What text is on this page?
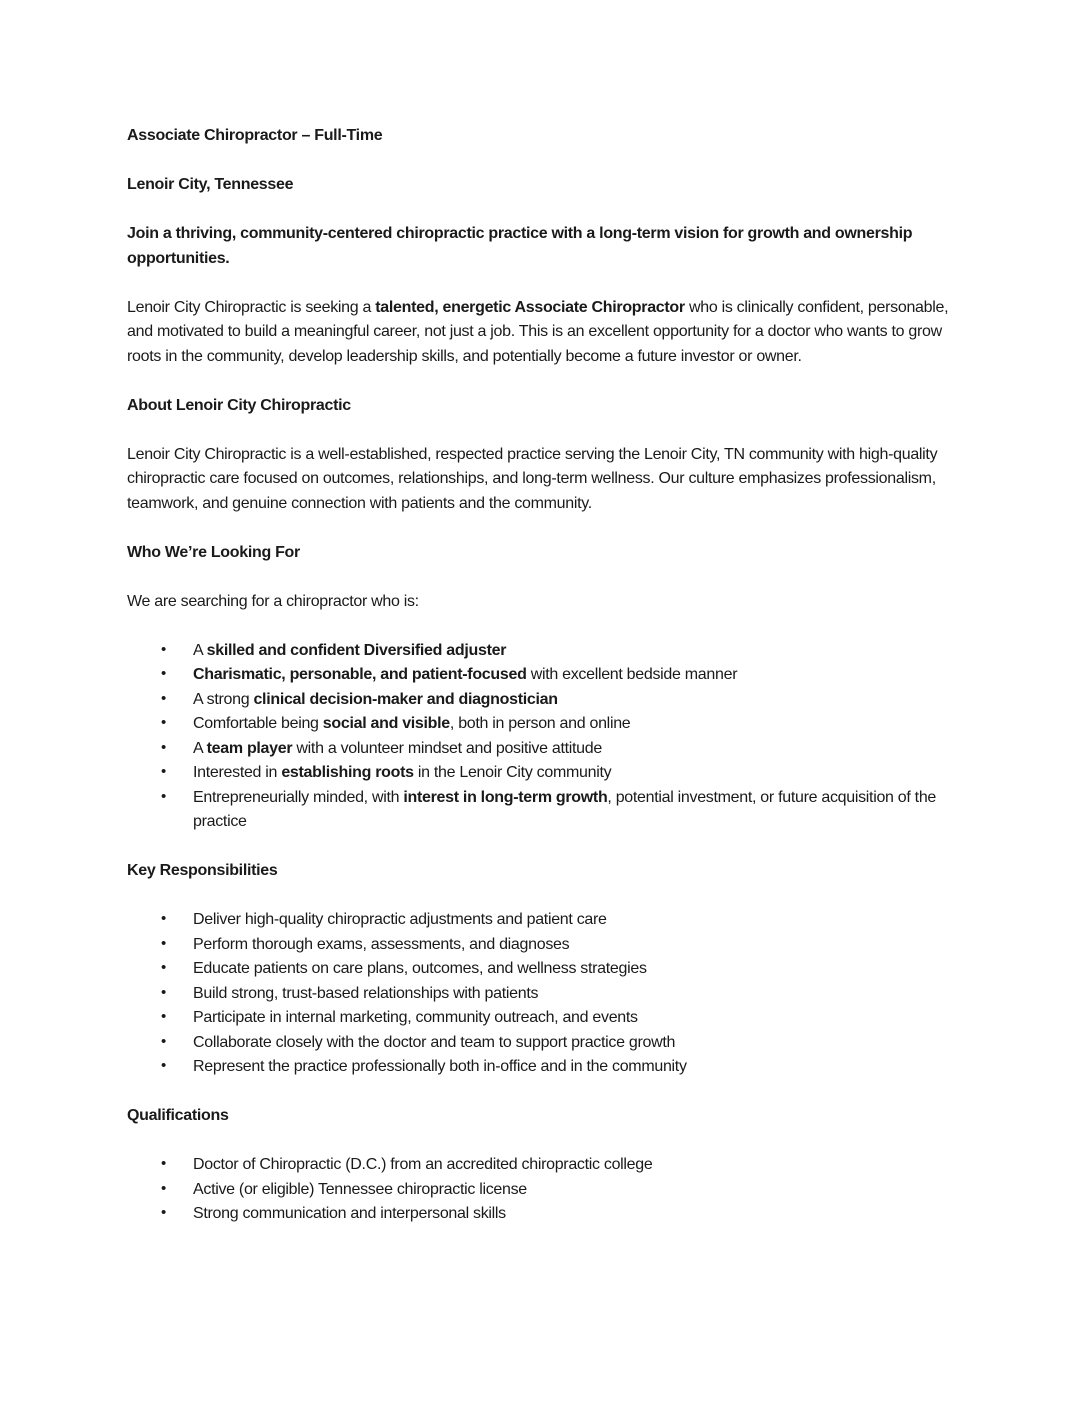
Associate Chiropractor – Full-Time

Lenoir City, Tennessee

Join a thriving, community-centered chiropractic practice with a long-term vision for growth and ownership opportunities.

Lenoir City Chiropractic is seeking a talented, energetic Associate Chiropractor who is clinically confident, personable, and motivated to build a meaningful career, not just a job. This is an excellent opportunity for a doctor who wants to grow roots in the community, develop leadership skills, and potentially become a future investor or owner.

About Lenoir City Chiropractic

Lenoir City Chiropractic is a well-established, respected practice serving the Lenoir City, TN community with high-quality chiropractic care focused on outcomes, relationships, and long-term wellness. Our culture emphasizes professionalism, teamwork, and genuine connection with patients and the community.

Who We’re Looking For

We are searching for a chiropractor who is:

• A skilled and confident Diversified adjuster
• Charismatic, personable, and patient-focused with excellent bedside manner
• A strong clinical decision-maker and diagnostician
• Comfortable being social and visible, both in person and online
• A team player with a volunteer mindset and positive attitude
• Interested in establishing roots in the Lenoir City community
• Entrepreneurially minded, with interest in long-term growth, potential investment, or future acquisition of the practice

Key Responsibilities

• Deliver high-quality chiropractic adjustments and patient care
• Perform thorough exams, assessments, and diagnoses
• Educate patients on care plans, outcomes, and wellness strategies
• Build strong, trust-based relationships with patients
• Participate in internal marketing, community outreach, and events
• Collaborate closely with the doctor and team to support practice growth
• Represent the practice professionally both in-office and in the community

Qualifications

• Doctor of Chiropractic (D.C.) from an accredited chiropractic college
• Active (or eligible) Tennessee chiropractic license
• Strong communication and interpersonal skills
